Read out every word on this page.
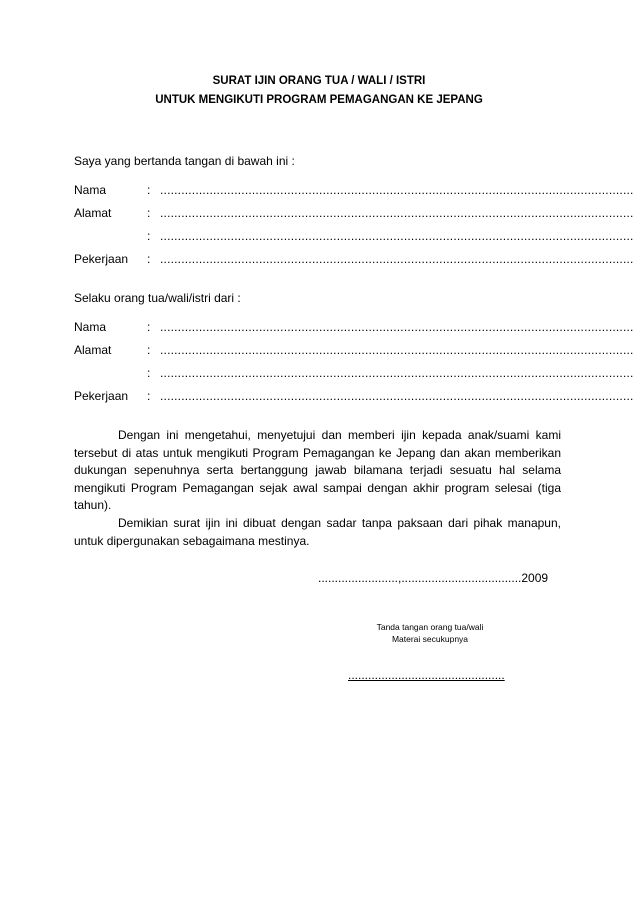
SURAT IJIN ORANG TUA / WALI / ISTRI
UNTUK MENGIKUTI PROGRAM PEMAGANGAN KE JEPANG
Saya yang bertanda tangan di bawah ini :
Nama	: ......................................................................................................................................
Alamat	: ......................................................................................................................................
: ......................................................................................................................................
Pekerjaan : ......................................................................................................................................
Selaku orang tua/wali/istri dari :
Nama	: ......................................................................................................................................
Alamat	: ......................................................................................................................................
: ......................................................................................................................................
Pekerjaan : ......................................................................................................................................

Dengan ini mengetahui, menyetujui dan memberi ijin kepada anak/suami kami tersebut di atas untuk mengikuti Program Pemagangan ke Jepang dan akan memberikan dukungan sepenuhnya serta bertanggung jawab bilamana terjadi sesuatu hal selama mengikuti Program Pemagangan sejak awal sampai dengan akhir program selesai (tiga tahun).

Demikian surat ijin ini dibuat dengan sadar tanpa paksaan dari pihak manapun, untuk dipergunakan sebagaimana mestinya.

........................,....................................2009
Tanda tangan orang tua/wali
Materai secukupnya
...............................................
